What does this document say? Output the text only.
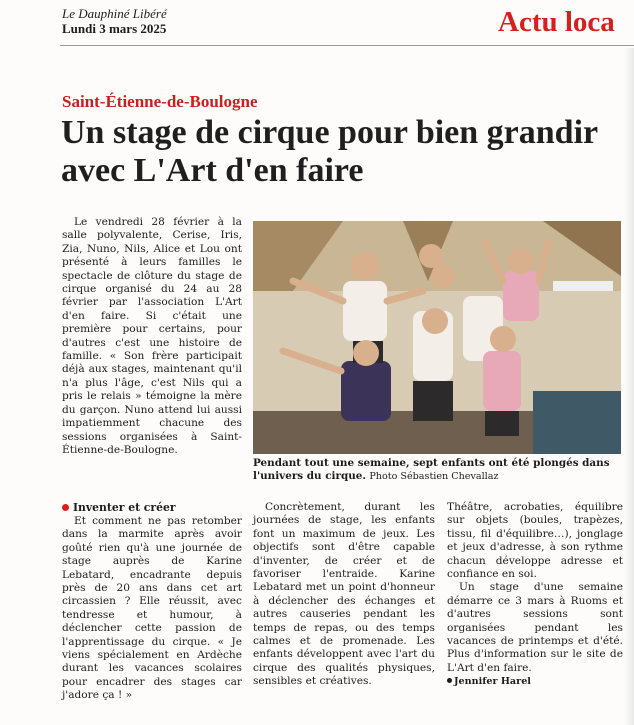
Le Dauphiné Libéré
Lundi 3 mars 2025	Actu loca
Saint-Étienne-de-Boulogne
Un stage de cirque pour bien grandir avec L'Art d'en faire

Le vendredi 28 février à la salle polyvalente, Cerise, Iris, Zia, Nuno, Nils, Alice et Lou ont présenté à leurs familles le spectacle de clôture du stage de cirque organisé du 24 au 28 février par l'association L'Art d'en faire. Si c'était une première pour certains, pour d'autres c'est une histoire de famille. « Son frère participait déjà aux stages, maintenant qu'il n'a plus l'âge, c'est Nils qui a pris le relais » témoigne la mère du garçon. Nuno attend lui aussi impatiemment chacune des sessions organisées à Saint-Étienne-de-Boulogne.

Inventer et créer

Et comment ne pas retomber dans la marmite après avoir goûté rien qu'à une journée de stage auprès de Karine Lebatard, encadrante depuis près de 20 ans dans cet art circassien ? Elle réussit, avec tendresse et humour, à déclencher cette passion de l'apprentissage du cirque. « Je viens spécialement en Ardèche durant les vacances scolaires pour encadrer des stages car j'adore ça ! »

Pendant tout une semaine, sept enfants ont été plongés dans l'univers du cirque. Photo Sébastien Chevallaz

Concrètement, durant les journées de stage, les enfants font un maximum de jeux. Les objectifs sont d'être capable d'inventer, de créer et de favoriser l'entraide. Karine Lebatard met un point d'honneur à déclencher des échanges et autres causeries pendant les temps de repas, ou des temps calmes et de promenade. Les enfants développent avec l'art du cirque des qualités physiques, sensibles et créatives.

Théâtre, acrobaties, équilibre sur objets (boules, trapèzes, tissu, fil d'équilibre…), jonglage et jeux d'adresse, à son rythme chacun développe adresse et confiance en soi.

Un stage d'une semaine démarre ce 3 mars à Ruoms et d'autres sessions sont organisées pendant les vacances de printemps et d'été. Plus d'information sur le site de L'Art d'en faire.

Jennifer Harel
